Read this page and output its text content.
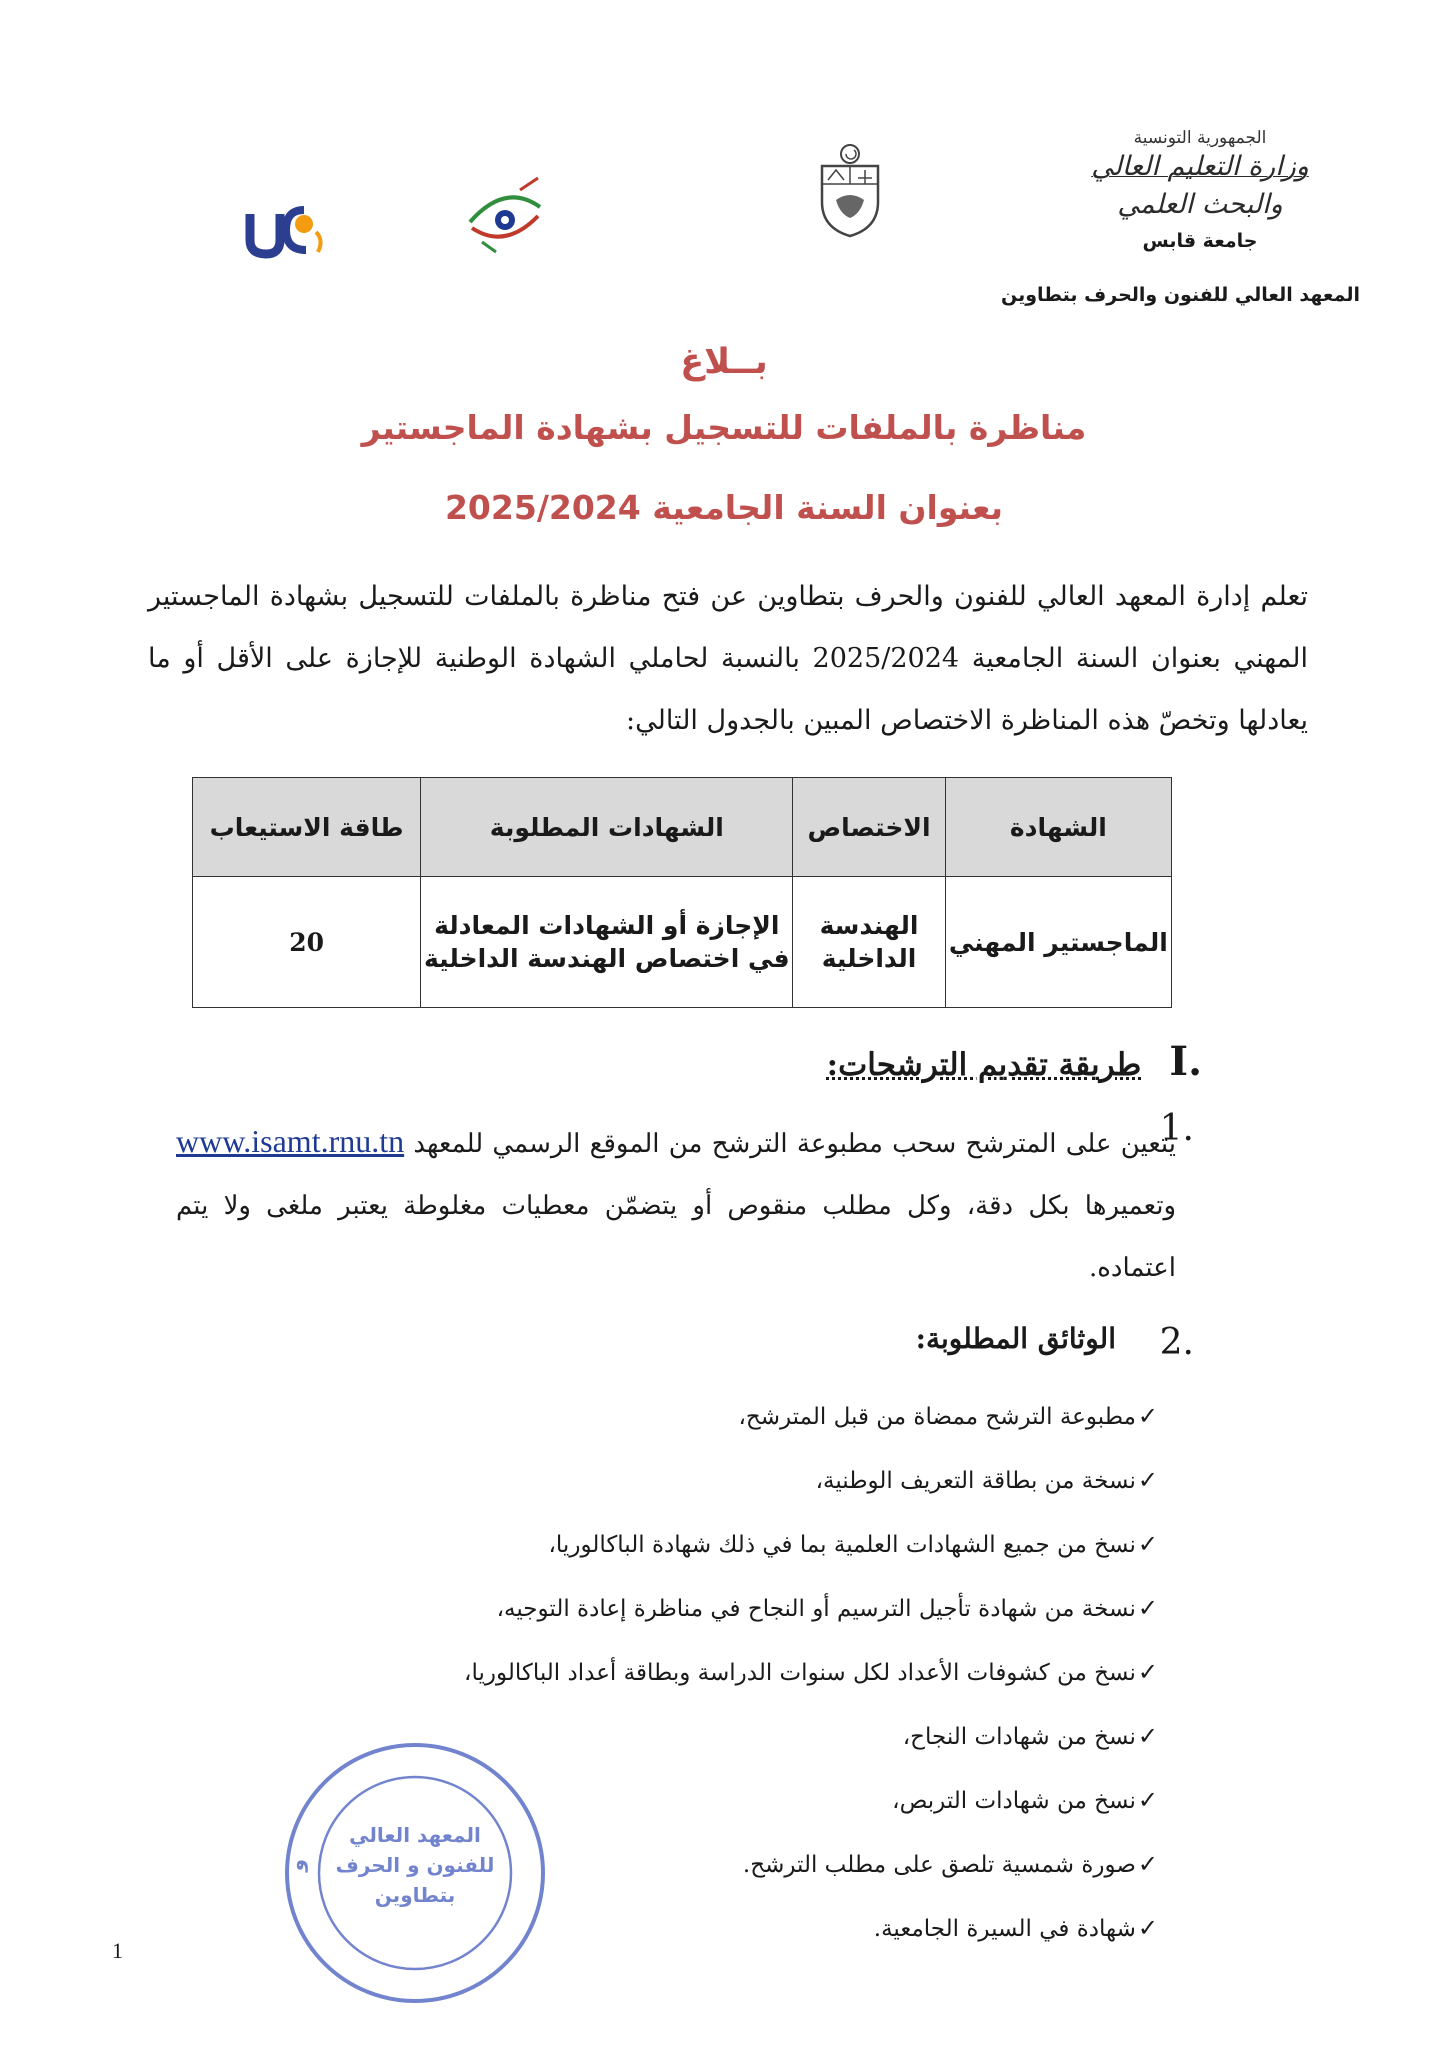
الجمهورية التونسية
وزارة التعليم العالي
والبحث العلمي
جامعة قابس
المعهد العالي للفنون والحرف بتطاوين
بــلاغ
مناظرة بالملفات للتسجيل بشهادة الماجستير
بعنوان السنة الجامعية 2025/2024
تعلم إدارة المعهد العالي للفنون والحرف بتطاوين عن فتح مناظرة بالملفات للتسجيل بشهادة الماجستير المهني بعنوان السنة الجامعية 2025/2024 بالنسبة لحاملي الشهادة الوطنية للإجازة على الأقل أو ما يعادلها وتخصّ هذه المناظرة الاختصاص المبين بالجدول التالي:
الشهادة	الاختصاص	الشهادات المطلوبة	طاقة الاستيعاب
الماجستير المهني	الهندسة الداخلية	الإجازة أو الشهادات المعادلة في اختصاص الهندسة الداخلية	20
I.
طريقة تقديم الترشحات:
1.
يتعين على المترشح سحب مطبوعة الترشح من الموقع الرسمي للمعهد www.isamt.rnu.tn وتعميرها بكل دقة، وكل مطلب منقوص أو يتضمّن معطيات مغلوطة يعتبر ملغى ولا يتم اعتماده.
2.
الوثائق المطلوبة:
✓مطبوعة الترشح ممضاة من قبل المترشح،
✓نسخة من بطاقة التعريف الوطنية،
✓نسخ من جميع الشهادات العلمية بما في ذلك شهادة الباكالوريا،
✓نسخة من شهادة تأجيل الترسيم أو النجاح في مناظرة إعادة التوجيه،
✓نسخ من كشوفات الأعداد لكل سنوات الدراسة وبطاقة أعداد الباكالوريا،
✓نسخ من شهادات النجاح،
✓نسخ من شهادات التربص،
✓صورة شمسية تلصق على مطلب الترشح.
✓شهادة في السيرة الجامعية.
و
المعهد العالي للفنون و الحرف بتطاوين
1
